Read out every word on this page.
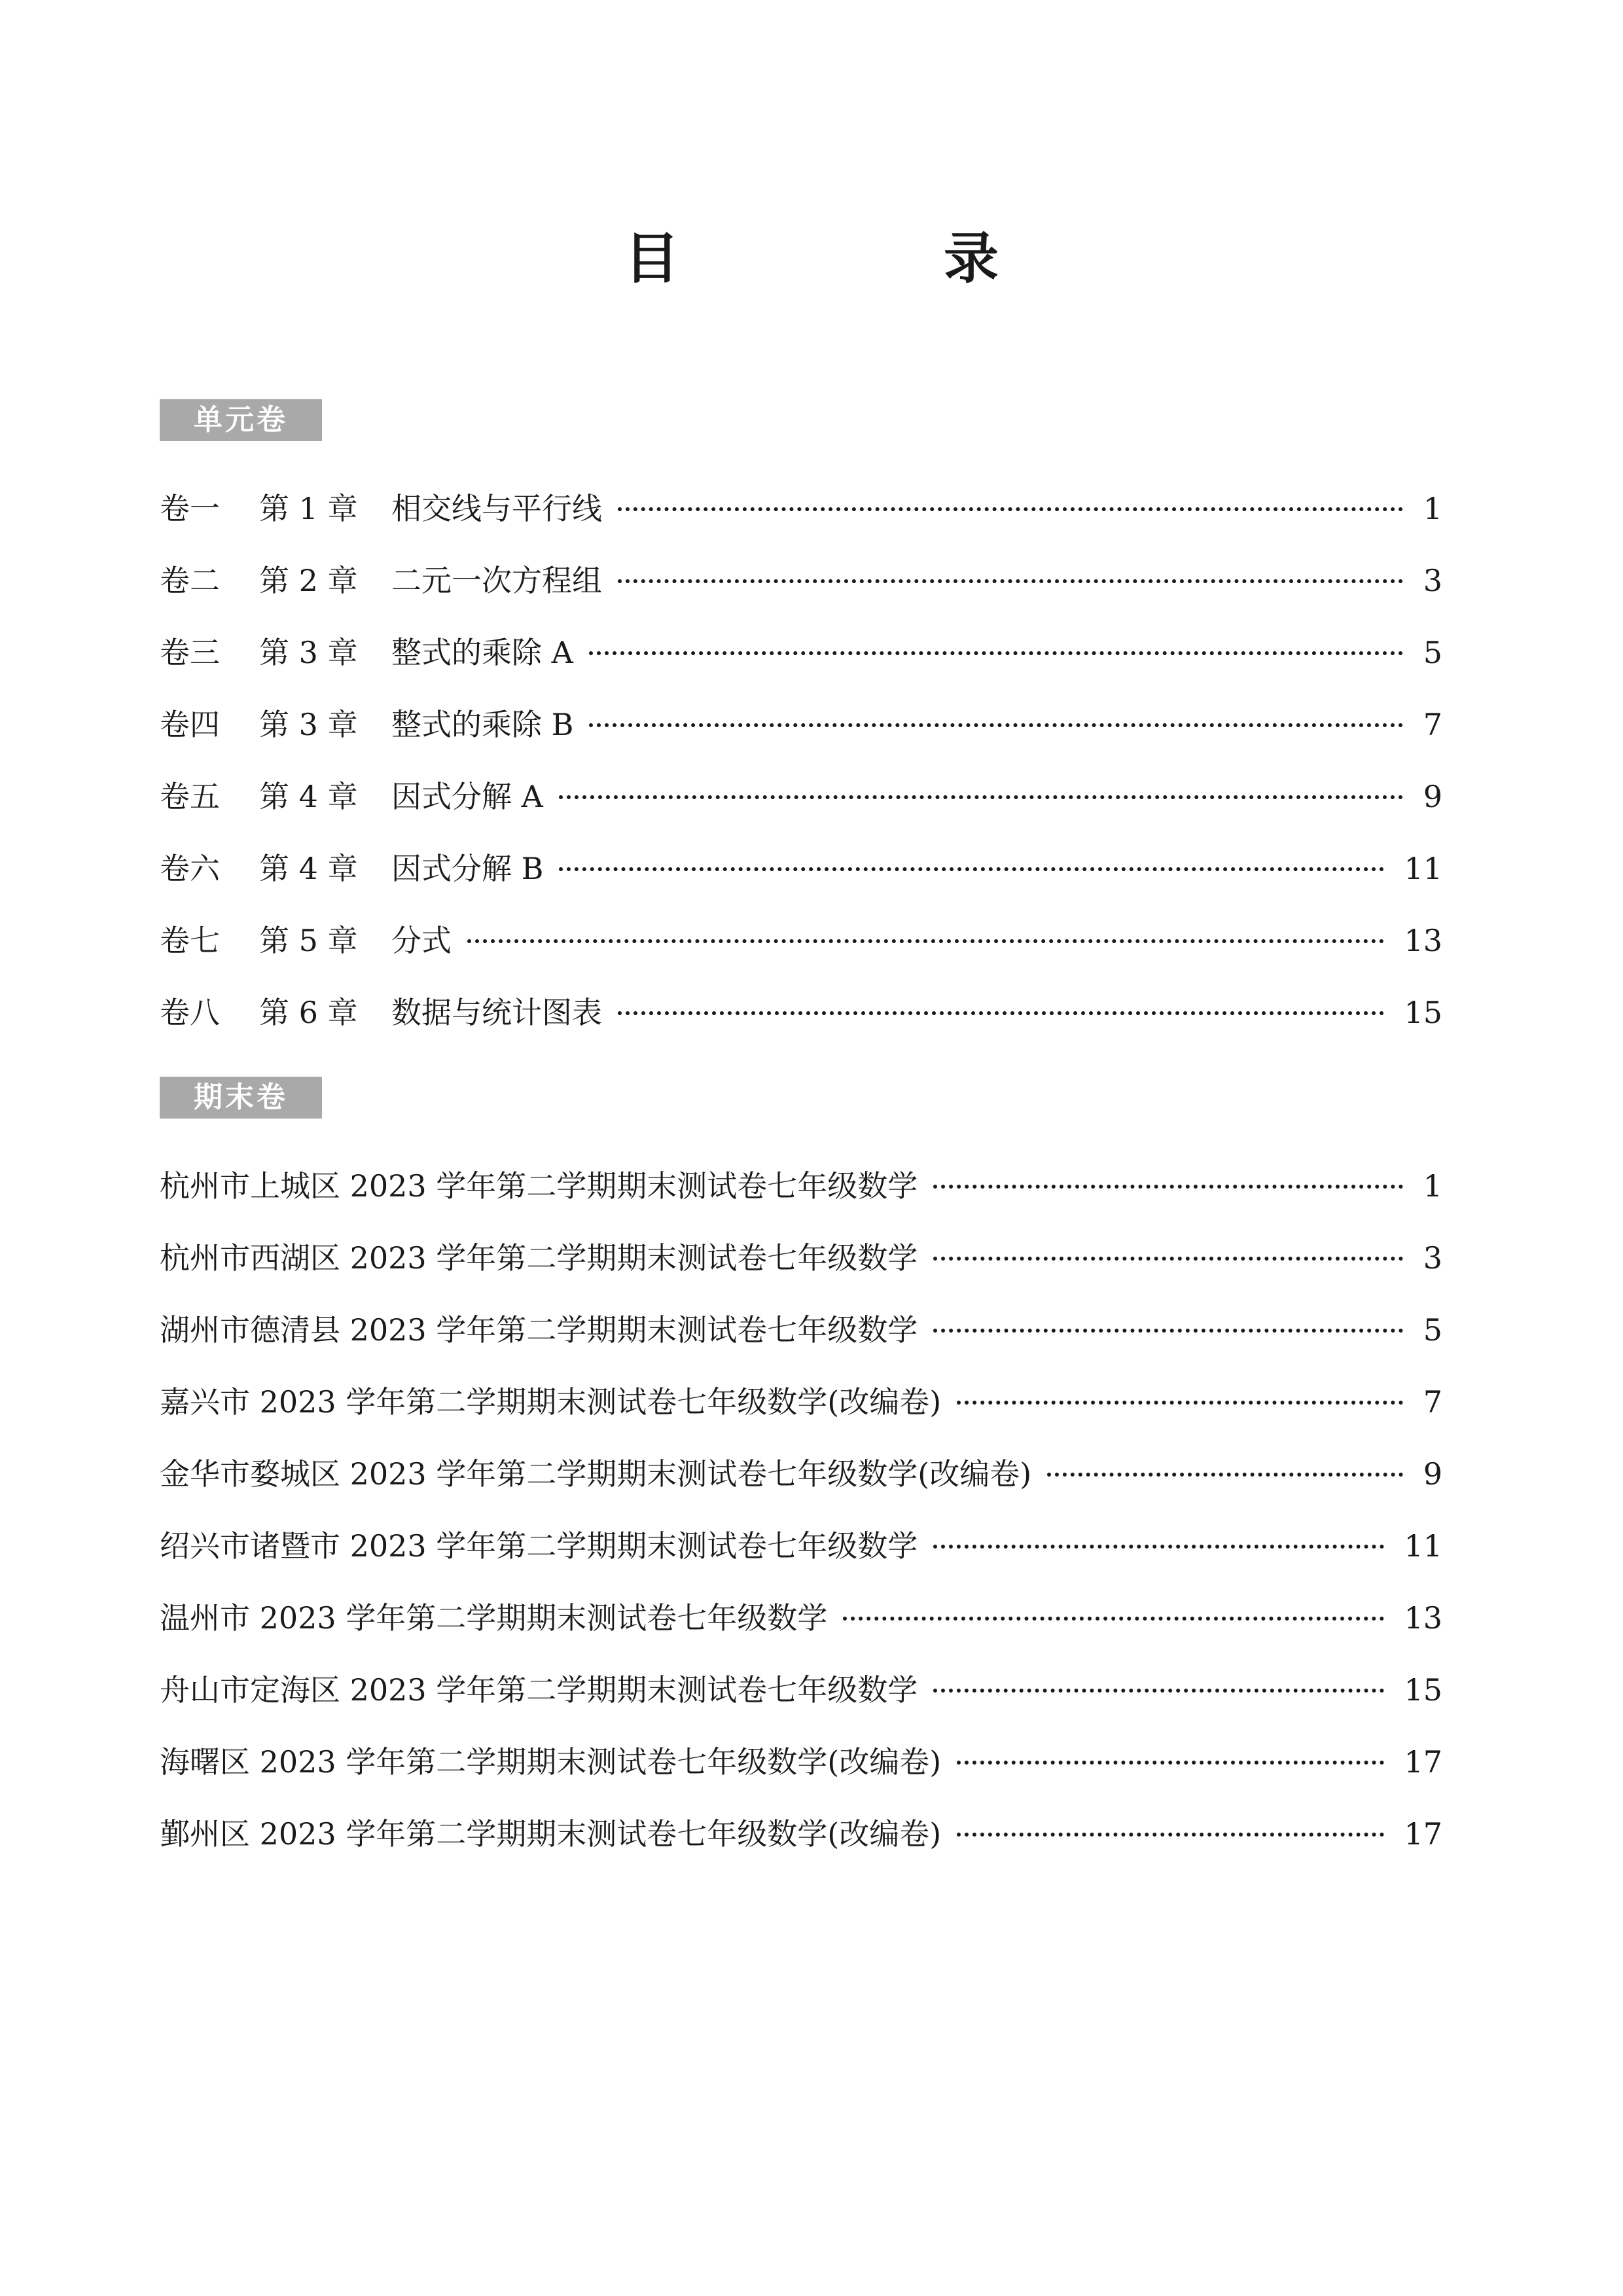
目　录
单元卷
卷一	第 1 章	相交线与平行线	1
卷二	第 2 章	二元一次方程组	3
卷三	第 3 章	整式的乘除 A	5
卷四	第 3 章	整式的乘除 B	7
卷五	第 4 章	因式分解 A	9
卷六	第 4 章	因式分解 B	11
卷七	第 5 章	分式	13
卷八	第 6 章	数据与统计图表	15
期末卷
杭州市上城区 2023 学年第二学期期末测试卷七年级数学	1
杭州市西湖区 2023 学年第二学期期末测试卷七年级数学	3
湖州市德清县 2023 学年第二学期期末测试卷七年级数学	5
嘉兴市 2023 学年第二学期期末测试卷七年级数学(改编卷)	7
金华市婺城区 2023 学年第二学期期末测试卷七年级数学(改编卷)	9
绍兴市诸暨市 2023 学年第二学期期末测试卷七年级数学	11
温州市 2023 学年第二学期期末测试卷七年级数学	13
舟山市定海区 2023 学年第二学期期末测试卷七年级数学	15
海曙区 2023 学年第二学期期末测试卷七年级数学(改编卷)	17
鄞州区 2023 学年第二学期期末测试卷七年级数学(改编卷)	17
